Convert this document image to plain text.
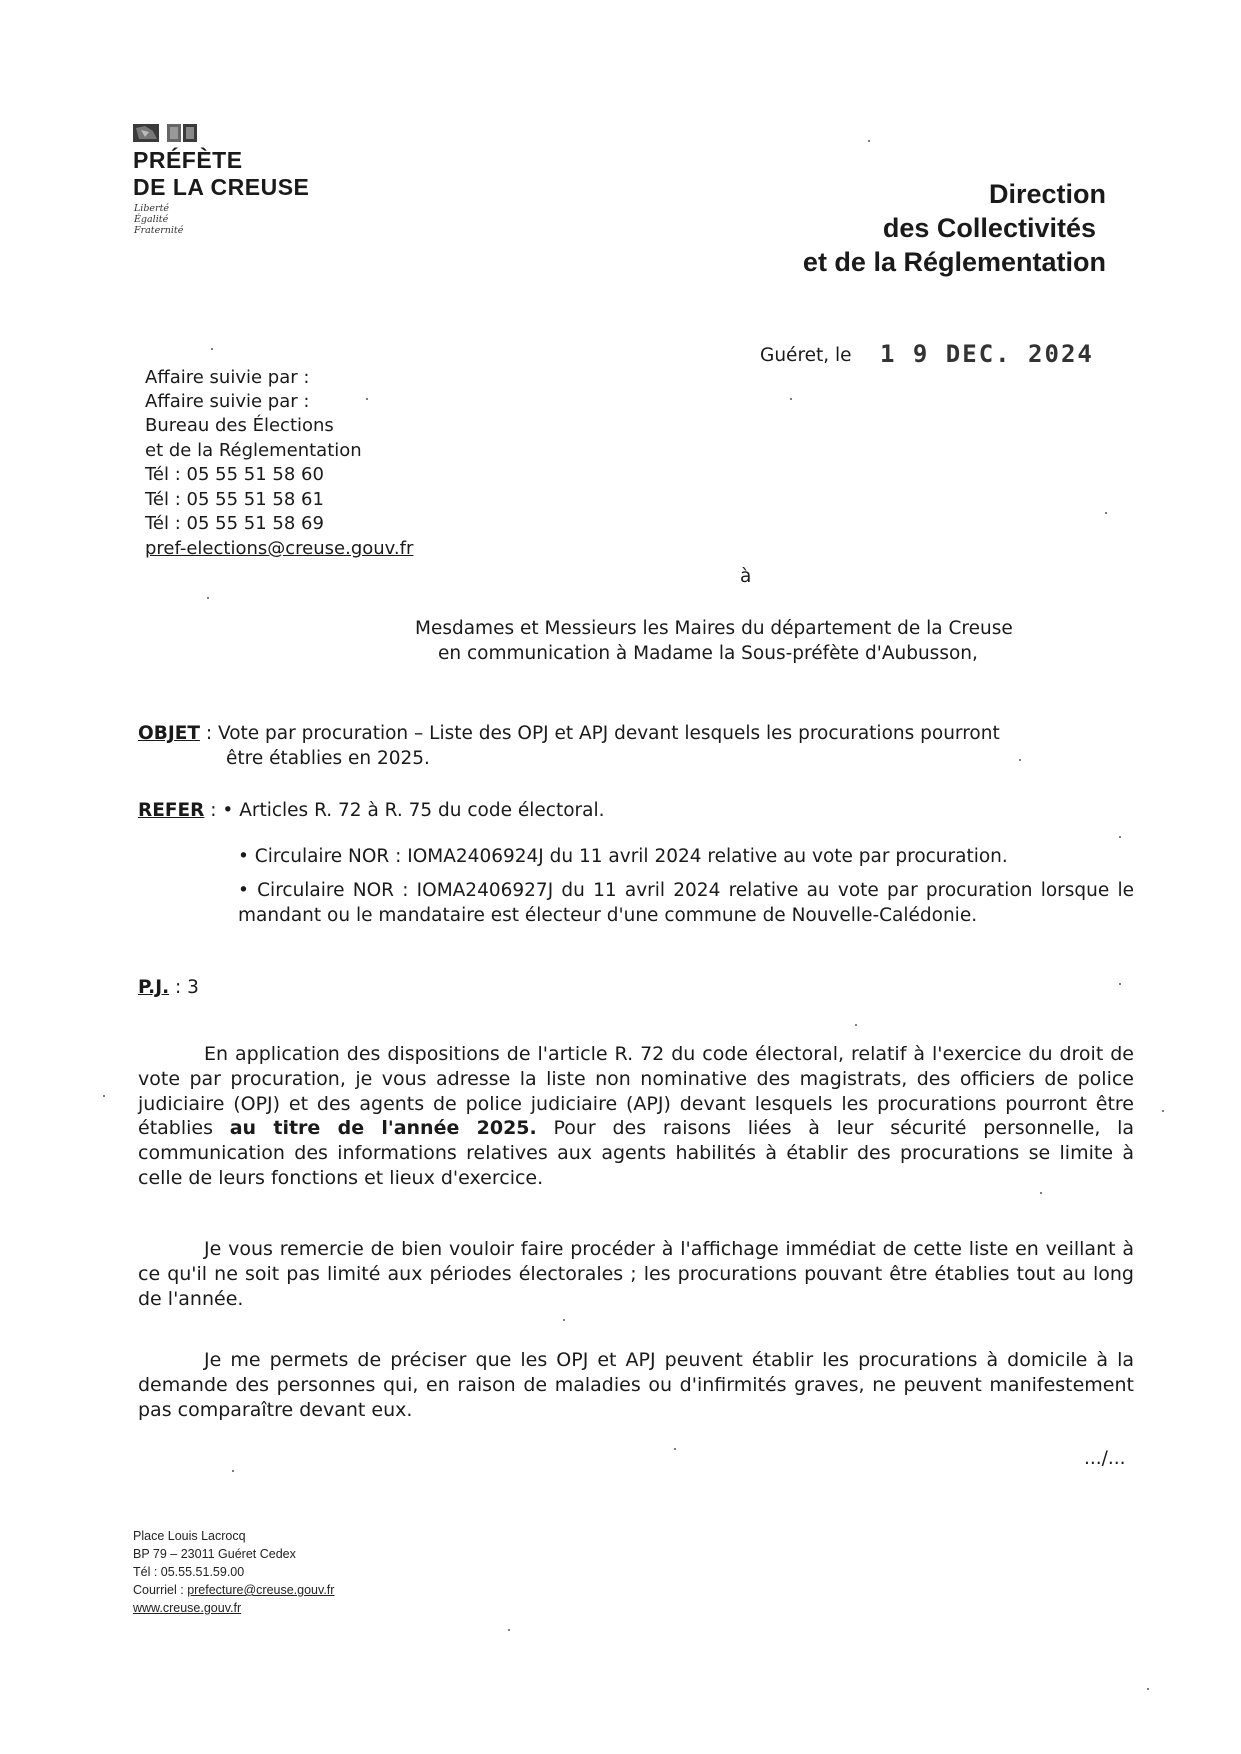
PRÉFÈTE
DE LA CREUSE
Liberté
Égalité
Fraternité
Direction
des Collectivités
et de la Réglementation
Guéret, le 1 9 DEC. 2024
Affaire suivie par :
Affaire suivie par :
Bureau des Élections
et de la Réglementation
Tél : 05 55 51 58 60
Tél : 05 55 51 58 61
Tél : 05 55 51 58 69
pref-elections@creuse.gouv.fr
à
Mesdames et Messieurs les Maires du département de la Creuse
en communication à Madame la Sous-préfète d'Aubusson,
OBJET : Vote par procuration – Liste des OPJ et APJ devant lesquels les procurations pourront
être établies en 2025.
REFER : • Articles R. 72 à R. 75 du code électoral.
• Circulaire NOR : IOMA2406924J du 11 avril 2024 relative au vote par procuration.
• Circulaire NOR : IOMA2406927J du 11 avril 2024 relative au vote par procuration lorsque le mandant ou le mandataire est électeur d'une commune de Nouvelle-Calédonie.
P.J. : 3
En application des dispositions de l'article R. 72 du code électoral, relatif à l'exercice du droit de vote par procuration, je vous adresse la liste non nominative des magistrats, des officiers de police judiciaire (OPJ) et des agents de police judiciaire (APJ) devant lesquels les procurations pourront être établies au titre de l'année 2025. Pour des raisons liées à leur sécurité personnelle, la communication des informations relatives aux agents habilités à établir des procurations se limite à celle de leurs fonctions et lieux d'exercice.
Je vous remercie de bien vouloir faire procéder à l'affichage immédiat de cette liste en veillant à ce qu'il ne soit pas limité aux périodes électorales ; les procurations pouvant être établies tout au long de l'année.
Je me permets de préciser que les OPJ et APJ peuvent établir les procurations à domicile à la demande des personnes qui, en raison de maladies ou d'infirmités graves, ne peuvent manifestement pas comparaître devant eux.
.../...
Place Louis Lacrocq
BP 79 – 23011 Guéret Cedex
Tél : 05.55.51.59.00
Courriel : prefecture@creuse.gouv.fr
www.creuse.gouv.fr
